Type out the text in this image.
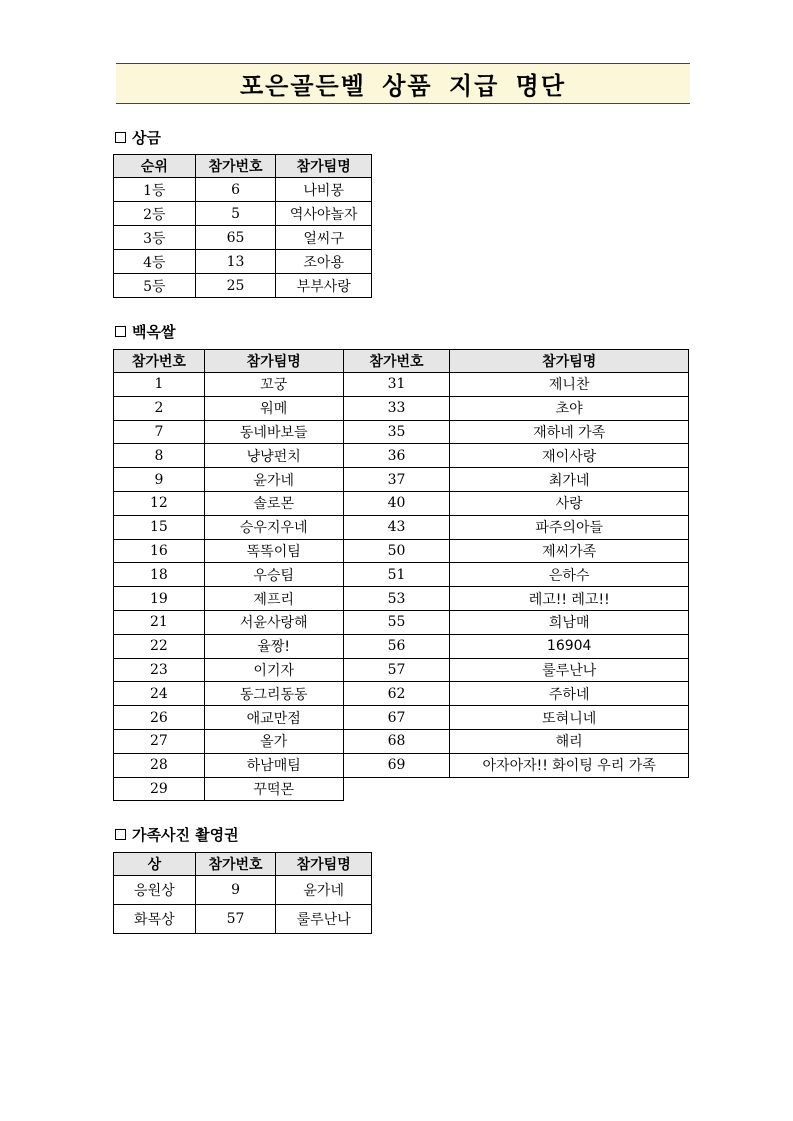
포은골든벨 상품 지급 명단
상금
순위	참가번호	참가팀명
1등	6	나비몽
2등	5	역사야놀자
3등	65	얼씨구
4등	13	조아용
5등	25	부부사랑
백옥쌀
참가번호	참가팀명	참가번호	참가팀명
1	꼬궁	31	제니찬
2	워메	33	초야
7	동네바보들	35	재하네 가족
8	냥냥펀치	36	재이사랑
9	윤가네	37	최가네
12	솔로몬	40	사랑
15	승우지우네	43	파주의아들
16	똑똑이팀	50	제씨가족
18	우승팀	51	은하수
19	제프리	53	레고!! 레고!!
21	서윤사랑해	55	희남매
22	율짱!	56	16904
23	이기자	57	룰루난나
24	동그리동동	62	주하네
26	애교만점	67	또혀니네
27	올가	68	해리
28	하남매팀	69	아자아자!! 화이팅 우리 가족
29	꾸떡몬		
가족사진 촬영권
상	참가번호	참가팀명
응원상	9	윤가네
화목상	57	룰루난나
